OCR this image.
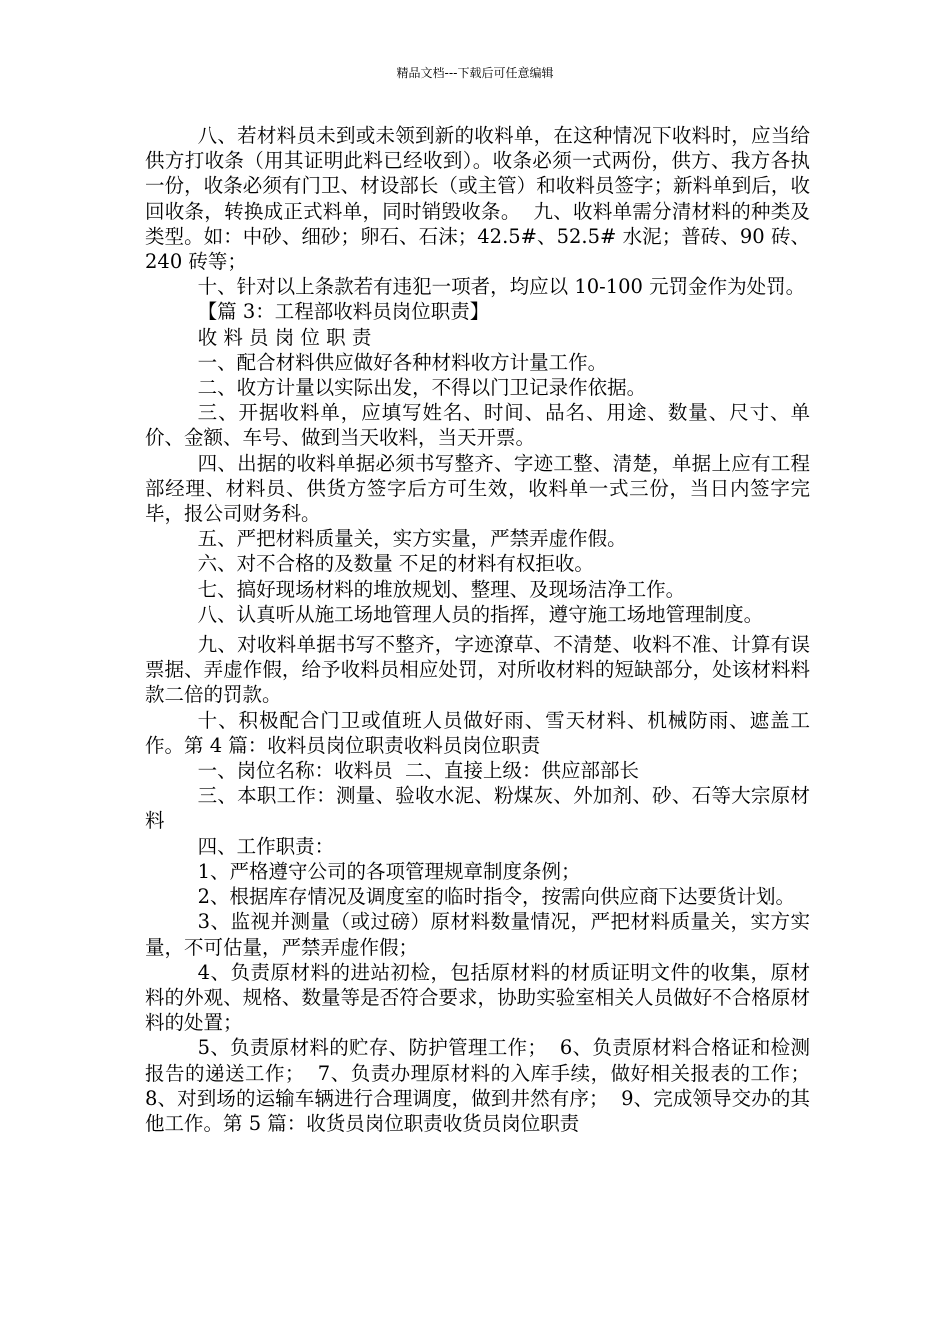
精品文档---下载后可任意编辑

八、若材料员未到或未领到新的收料单，在这种情况下收料时，应当给供方打收条（用其证明此料已经收到）。收条必须一式两份，供方、我方各执一份，收条必须有门卫、材设部长（或主管）和收料员签字；新料单到后，收回收条，转换成正式料单，同时销毁收条。  九、收料单需分清材料的种类及类型。如：中砂、细砂；卵石、石沫；42.5#、52.5# 水泥；普砖、90 砖、240 砖等；

十、针对以上条款若有违犯一项者，均应以 10-100 元罚金作为处罚。

【篇 3：工程部收料员岗位职责】

收 料 员 岗 位 职 责

一、配合材料供应做好各种材料收方计量工作。

二、收方计量以实际出发，不得以门卫记录作依据。

三、开据收料单，应填写姓名、时间、品名、用途、数量、尺寸、单价、金额、车号、做到当天收料，当天开票。

四、出据的收料单据必须书写整齐、字迹工整、清楚，单据上应有工程部经理、材料员、供货方签字后方可生效，收料单一式三份，当日内签字完毕，报公司财务科。

五、严把材料质量关，实方实量，严禁弄虚作假。

六、对不合格的及数量 不足的材料有权拒收。

七、搞好现场材料的堆放规划、整理、及现场洁净工作。

八、认真听从施工场地管理人员的指挥，遵守施工场地管理制度。

九、对收料单据书写不整齐，字迹潦草、不清楚、收料不准、计算有误票据、弄虚作假，给予收料员相应处罚，对所收材料的短缺部分，处该材料料款二倍的罚款。

十、积极配合门卫或值班人员做好雨、雪天材料、机械防雨、遮盖工作。第 4 篇：收料员岗位职责收料员岗位职责

一、岗位名称：收料员  二、直接上级：供应部部长

三、本职工作：测量、验收水泥、粉煤灰、外加剂、砂、石等大宗原材料

四、工作职责：

1、严格遵守公司的各项管理规章制度条例；

2、根据库存情况及调度室的临时指令，按需向供应商下达要货计划。

3、监视并测量（或过磅）原材料数量情况，严把材料质量关，实方实量，不可估量，严禁弄虚作假；

4、负责原材料的进站初检，包括原材料的材质证明文件的收集，原材料的外观、规格、数量等是否符合要求，协助实验室相关人员做好不合格原材料的处置；

5、负责原材料的贮存、防护管理工作；  6、负责原材料合格证和检测报告的递送工作；  7、负责办理原材料的入库手续，做好相关报表的工作；  8、对到场的运输车辆进行合理调度，做到井然有序；  9、完成领导交办的其他工作。第 5 篇：收货员岗位职责收货员岗位职责
